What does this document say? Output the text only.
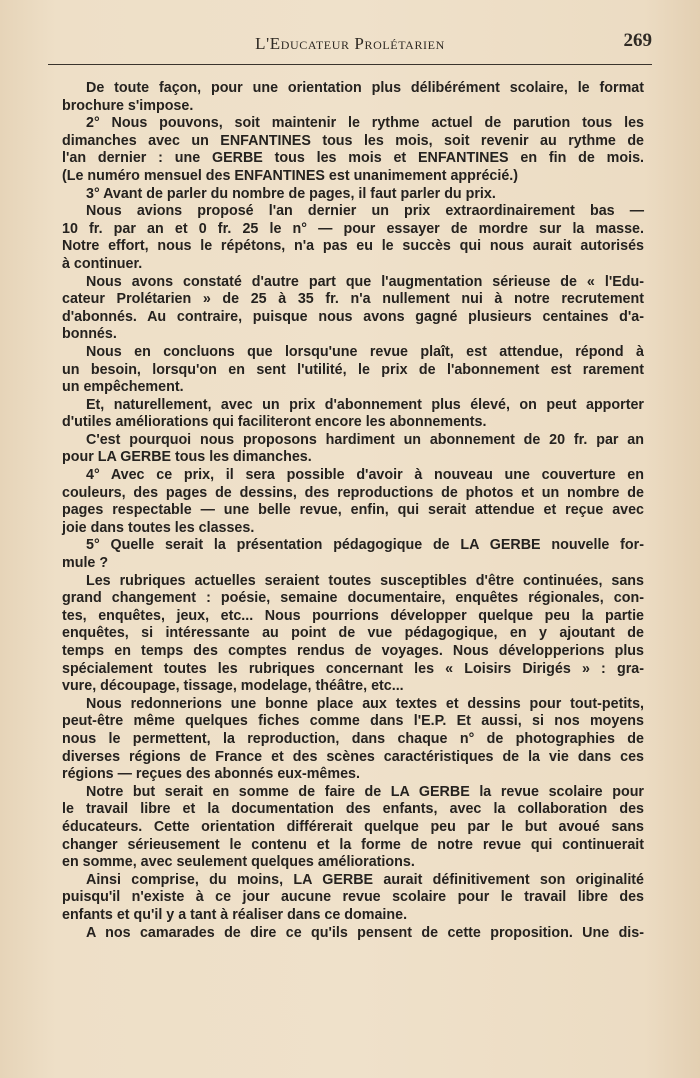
L'Educateur Prolétarien	269
De toute façon, pour une orientation plus délibérément scolaire, le format
brochure s'impose.
2° Nous pouvons, soit maintenir le rythme actuel de parution tous les
dimanches avec un ENFANTINES tous les mois, soit revenir au rythme de
l'an dernier : une GERBE tous les mois et ENFANTINES en fin de mois.
(Le numéro mensuel des ENFANTINES est unanimement apprécié.)
3° Avant de parler du nombre de pages, il faut parler du prix.
Nous avions proposé l'an dernier un prix extraordinairement bas —
10 fr. par an et 0 fr. 25 le n° — pour essayer de mordre sur la masse.
Notre effort, nous le répétons, n'a pas eu le succès qui nous aurait autorisés
à continuer.
Nous avons constaté d'autre part que l'augmentation sérieuse de « l'Edu-
cateur Prolétarien » de 25 à 35 fr. n'a nullement nui à notre recrutement
d'abonnés. Au contraire, puisque nous avons gagné plusieurs centaines d'a-
bonnés.
Nous en concluons que lorsqu'une revue plaît, est attendue, répond à
un besoin, lorsqu'on en sent l'utilité, le prix de l'abonnement est rarement
un empêchement.
Et, naturellement, avec un prix d'abonnement plus élevé, on peut apporter
d'utiles améliorations qui faciliteront encore les abonnements.
C'est pourquoi nous proposons hardiment un abonnement de 20 fr. par an
pour LA GERBE tous les dimanches.
4° Avec ce prix, il sera possible d'avoir à nouveau une couverture en
couleurs, des pages de dessins, des reproductions de photos et un nombre de
pages respectable — une belle revue, enfin, qui serait attendue et reçue avec
joie dans toutes les classes.
5° Quelle serait la présentation pédagogique de LA GERBE nouvelle for-
mule ?
Les rubriques actuelles seraient toutes susceptibles d'être continuées, sans
grand changement : poésie, semaine documentaire, enquêtes régionales, con-
tes, enquêtes, jeux, etc... Nous pourrions développer quelque peu la partie
enquêtes, si intéressante au point de vue pédagogique, en y ajoutant de
temps en temps des comptes rendus de voyages. Nous développerions plus
spécialement toutes les rubriques concernant les « Loisirs Dirigés » : gra-
vure, découpage, tissage, modelage, théâtre, etc...
Nous redonnerions une bonne place aux textes et dessins pour tout-petits,
peut-être même quelques fiches comme dans l'E.P. Et aussi, si nos moyens
nous le permettent, la reproduction, dans chaque n° de photographies de
diverses régions de France et des scènes caractéristiques de la vie dans ces
régions — reçues des abonnés eux-mêmes.
Notre but serait en somme de faire de LA GERBE la revue scolaire pour
le travail libre et la documentation des enfants, avec la collaboration des
éducateurs. Cette orientation différerait quelque peu par le but avoué sans
changer sérieusement le contenu et la forme de notre revue qui continuerait
en somme, avec seulement quelques améliorations.
Ainsi comprise, du moins, LA GERBE aurait définitivement son originalité
puisqu'il n'existe à ce jour aucune revue scolaire pour le travail libre des
enfants et qu'il y a tant à réaliser dans ce domaine.
A nos camarades de dire ce qu'ils pensent de cette proposition. Une dis-
